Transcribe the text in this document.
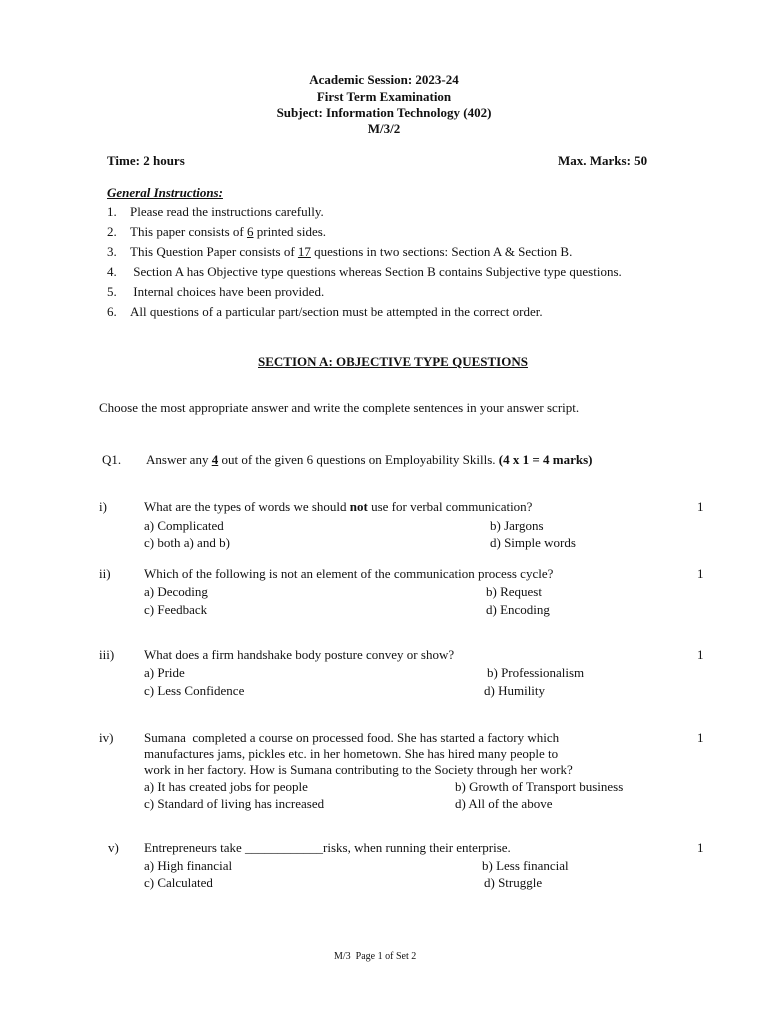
Academic Session: 2023-24
First Term Examination
Subject: Information Technology (402)
M/3/2
Time: 2 hours	Max. Marks: 50
General Instructions:
1. Please read the instructions carefully.
2. This paper consists of 6 printed sides.
3. This Question Paper consists of 17 questions in two sections: Section A & Section B.
4. Section A has Objective type questions whereas Section B contains Subjective type questions.
5. Internal choices have been provided.
6. All questions of a particular part/section must be attempted in the correct order.
SECTION A: OBJECTIVE TYPE QUESTIONS
Choose the most appropriate answer and write the complete sentences in your answer script.
Q1. Answer any 4 out of the given 6 questions on Employability Skills. (4 x 1 = 4 marks)
i)	What are the types of words we should not use for verbal communication?	1
a) Complicated	b) Jargons
c) both a) and b)	d) Simple words
ii)	Which of the following is not an element of the communication process cycle?	1
a) Decoding	b) Request
c) Feedback	d) Encoding
iii) What does a firm handshake body posture convey or show?	1
a) Pride	b) Professionalism
c) Less Confidence	d) Humility
iv) Sumana  completed a course on processed food. She has started a factory which
manufactures jams, pickles etc. in her hometown. She has hired many people to
work in her factory. How is Sumana contributing to the Society through her work?
1
a) It has created jobs for people	b) Growth of Transport business
c) Standard of living has increased	d) All of the above
v) Entrepreneurs take ____________risks, when running their enterprise.	1
a) High financial	b) Less financial
c) Calculated	d) Struggle
M/3  Page 1 of Set 2
